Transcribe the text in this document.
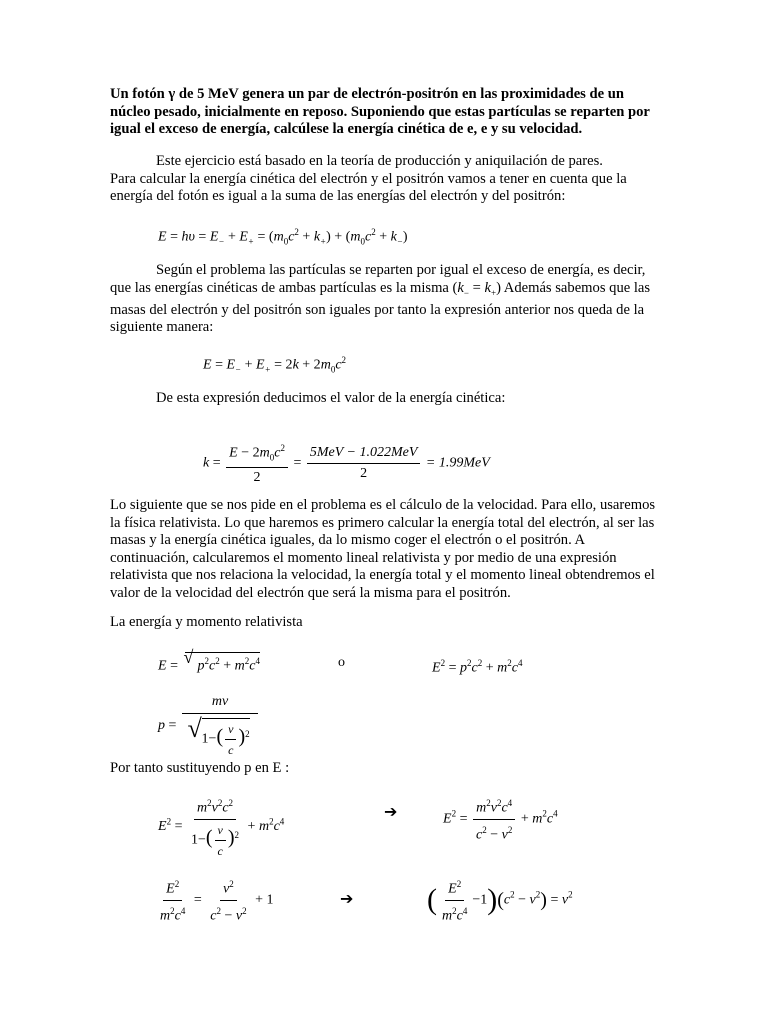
Un fotón γ de 5 MeV genera un par de electrón-positrón en las proximidades de un núcleo pesado, inicialmente en reposo. Suponiendo que estas partículas se reparten por igual el exceso de energía, calcúlese la energía cinética de e, e y su velocidad.

Este ejercicio está basado en la teoría de producción y aniquilación de pares.
Para calcular la energía cinética del electrón y el positrón vamos a tener en cuenta que la energía del fotón es igual a la suma de las energías del electrón y del positrón:

$E = h\upsilon = E_- + E_+ = (m_0c^2 + k_+) + (m_0c^2 + k_-)$

Según el problema las partículas se reparten por igual el exceso de energía, es decir, que las energías cinéticas de ambas partículas es la misma $(k_- = k_+)$ Además sabemos que las masas del electrón y del positrón son iguales por tanto la expresión anterior nos queda de la siguiente manera:

$E = E_- + E_+ = 2k + 2m_0c^2$

De esta expresión deducimos el valor de la energía cinética:

$k = \frac{E - 2m_0c^2}{2} = \frac{\text{5MeV − 1.022MeV}}{2} = 1.99MeV$

Lo siguiente que se nos pide en el problema es el cálculo de la velocidad. Para ello, usaremos la física relativista. Lo que haremos es primero calcular la energía total del electrón, al ser las masas y la energía cinética iguales, da lo mismo coger el electrón o el positrón. A continuación, calcularemos el momento lineal relativista y por medio de una expresión relativista que nos relaciona la velocidad, la energía total y el momento lineal obtendremos el valor de la velocidad del electrón que será la misma para el positrón.

La energía y momento relativista

E = √ $p^2c^2 + m^2c^4$	o	$E^2 = p^2c^2 + m^2c^4$
$p = \frac{mv}{√ 1-( \frac{v}{c} )^2}$

Por tanto sustituyendo p en E :

$E^2 = \frac{m^2v^2c^2}{1-( \frac{v}{c} )^2} + m^2c^4$
➔	$E^2 = \frac{m^2v^2c^4}{c^2 - v^2} + m^2c^4$
$\frac{E^2}{m^2c^4} = \frac{v^2}{c^2 - v^2} + 1$	➔ ( $\frac{E^2}{m^2c^4} -1)(c^2 - v^2) = v^2$
